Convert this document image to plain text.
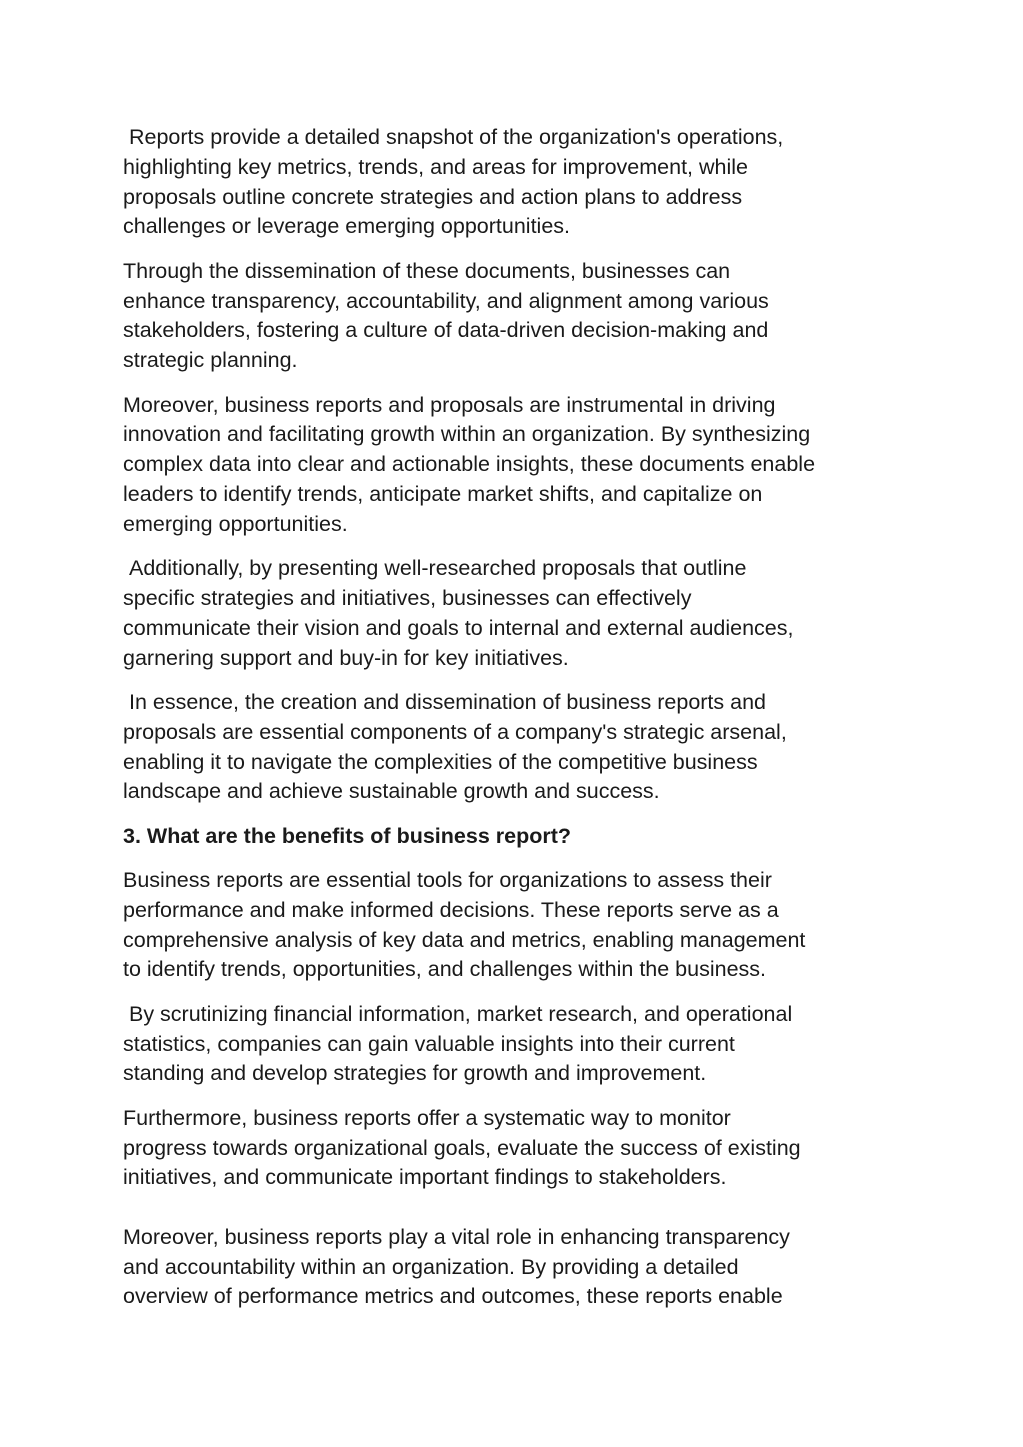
Reports provide a detailed snapshot of the organization's operations,
highlighting key metrics, trends, and areas for improvement, while
proposals outline concrete strategies and action plans to address
challenges or leverage emerging opportunities.

Through the dissemination of these documents, businesses can
enhance transparency, accountability, and alignment among various
stakeholders, fostering a culture of data-driven decision-making and
strategic planning.

Moreover, business reports and proposals are instrumental in driving
innovation and facilitating growth within an organization. By synthesizing
complex data into clear and actionable insights, these documents enable
leaders to identify trends, anticipate market shifts, and capitalize on
emerging opportunities.

Additionally, by presenting well-researched proposals that outline
specific strategies and initiatives, businesses can effectively
communicate their vision and goals to internal and external audiences,
garnering support and buy-in for key initiatives.

In essence, the creation and dissemination of business reports and
proposals are essential components of a company's strategic arsenal,
enabling it to navigate the complexities of the competitive business
landscape and achieve sustainable growth and success.

3. What are the benefits of business report?

Business reports are essential tools for organizations to assess their
performance and make informed decisions. These reports serve as a
comprehensive analysis of key data and metrics, enabling management
to identify trends, opportunities, and challenges within the business.

By scrutinizing financial information, market research, and operational
statistics, companies can gain valuable insights into their current
standing and develop strategies for growth and improvement.

Furthermore, business reports offer a systematic way to monitor
progress towards organizational goals, evaluate the success of existing
initiatives, and communicate important findings to stakeholders.

Moreover, business reports play a vital role in enhancing transparency
and accountability within an organization. By providing a detailed
overview of performance metrics and outcomes, these reports enable
